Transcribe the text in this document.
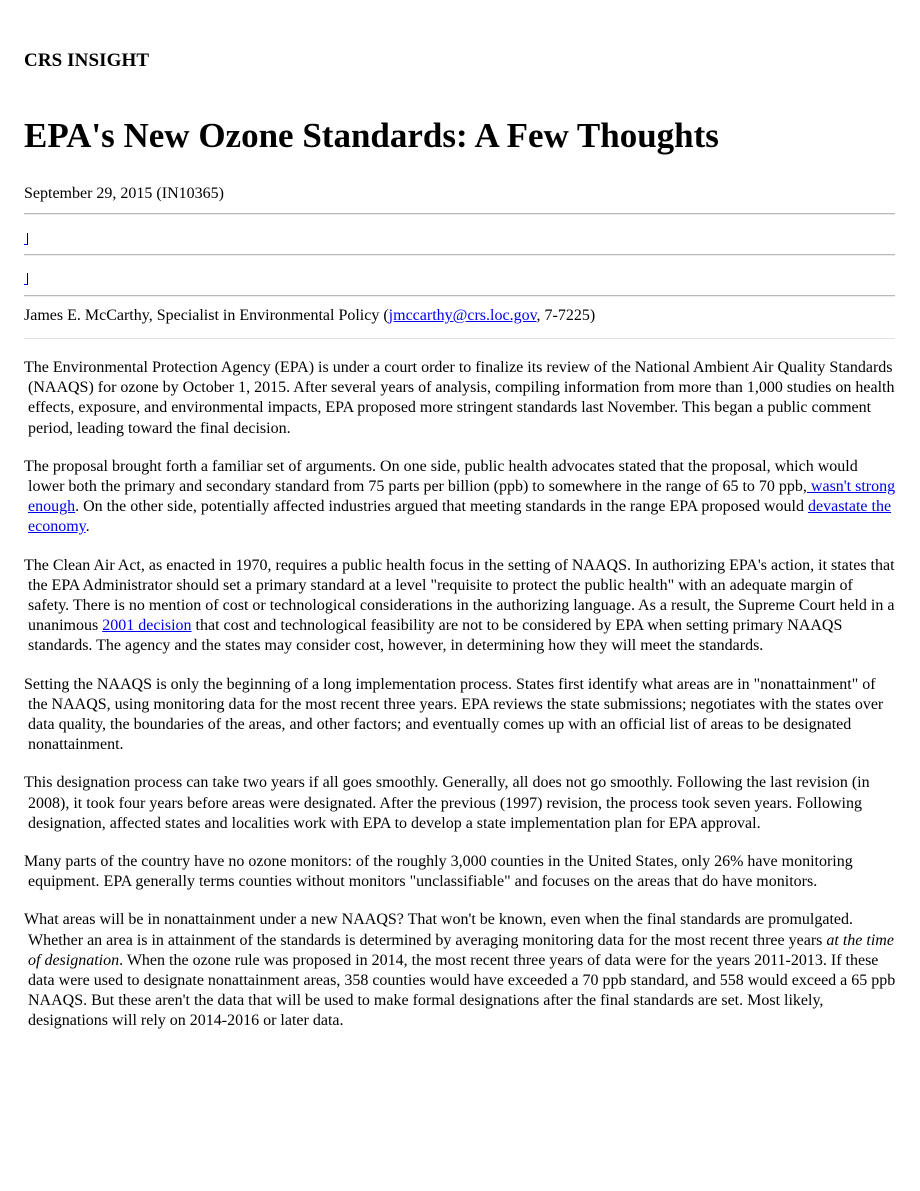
CRS INSIGHT
EPA's New Ozone Standards: A Few Thoughts
September 29, 2015 (IN10365)
James E. McCarthy, Specialist in Environmental Policy (jmccarthy@crs.loc.gov, 7-7225)

The Environmental Protection Agency (EPA) is under a court order to finalize its review of the National Ambient Air Quality Standards (NAAQS) for ozone by October 1, 2015. After several years of analysis, compiling information from more than 1,000 studies on health effects, exposure, and environmental impacts, EPA proposed more stringent standards last November. This began a public comment period, leading toward the final decision.

The proposal brought forth a familiar set of arguments. On one side, public health advocates stated that the proposal, which would lower both the primary and secondary standard from 75 parts per billion (ppb) to somewhere in the range of 65 to 70 ppb, wasn't strong enough. On the other side, potentially affected industries argued that meeting standards in the range EPA proposed would devastate the economy.

The Clean Air Act, as enacted in 1970, requires a public health focus in the setting of NAAQS. In authorizing EPA's action, it states that the EPA Administrator should set a primary standard at a level "requisite to protect the public health" with an adequate margin of safety. There is no mention of cost or technological considerations in the authorizing language. As a result, the Supreme Court held in a unanimous 2001 decision that cost and technological feasibility are not to be considered by EPA when setting primary NAAQS standards. The agency and the states may consider cost, however, in determining how they will meet the standards.

Setting the NAAQS is only the beginning of a long implementation process. States first identify what areas are in "nonattainment" of the NAAQS, using monitoring data for the most recent three years. EPA reviews the state submissions; negotiates with the states over data quality, the boundaries of the areas, and other factors; and eventually comes up with an official list of areas to be designated nonattainment.

This designation process can take two years if all goes smoothly. Generally, all does not go smoothly. Following the last revision (in 2008), it took four years before areas were designated. After the previous (1997) revision, the process took seven years. Following designation, affected states and localities work with EPA to develop a state implementation plan for EPA approval.

Many parts of the country have no ozone monitors: of the roughly 3,000 counties in the United States, only 26% have monitoring equipment. EPA generally terms counties without monitors "unclassifiable" and focuses on the areas that do have monitors.

What areas will be in nonattainment under a new NAAQS? That won't be known, even when the final standards are promulgated. Whether an area is in attainment of the standards is determined by averaging monitoring data for the most recent three years at the time of designation. When the ozone rule was proposed in 2014, the most recent three years of data were for the years 2011-2013. If these data were used to designate nonattainment areas, 358 counties would have exceeded a 70 ppb standard, and 558 would exceed a 65 ppb NAAQS. But these aren't the data that will be used to make formal designations after the final standards are set. Most likely, designations will rely on 2014-2016 or later data.
